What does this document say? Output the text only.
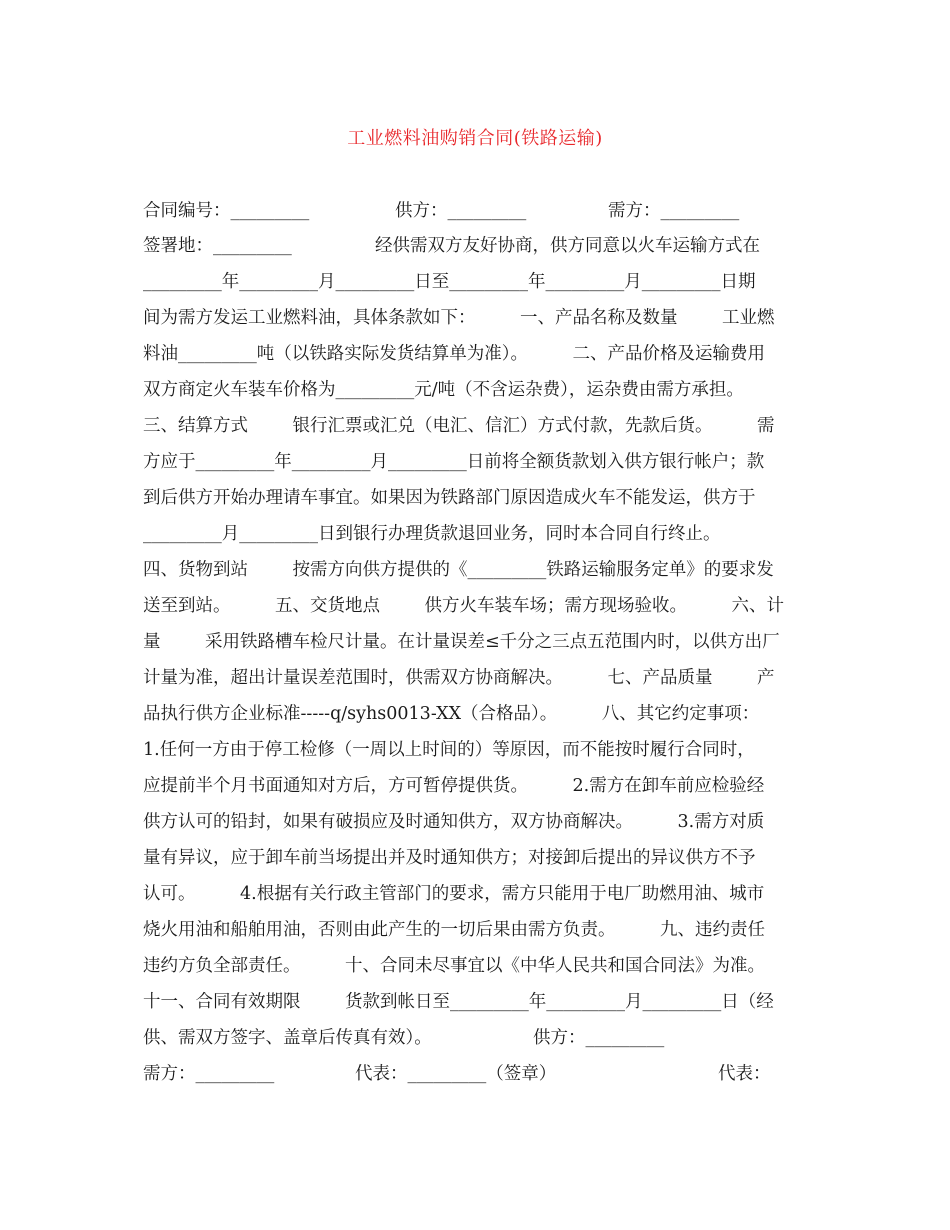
工业燃料油购销合同(铁路运输)

合同编号：_________

	供方：_________

	需方：_________

签署地：_________

	经供需双方友好协商，供方同意以火车运输方式在

_________年_________月_________日至_________年_________月_________日期
间为需方发运工业燃料油，具体条款如下：        一、产品名称及数量        工业燃
料油_________吨（以铁路实际发货结算单为准）。        二、产品价格及运输费用
双方商定火车装车价格为_________元/吨（不含运杂费），运杂费由需方承担。
三、结算方式        银行汇票或汇兑（电汇、信汇）方式付款，先款后货。        需
方应于_________年_________月_________日前将全额货款划入供方银行帐户；款
到后供方开始办理请车事宜。如果因为铁路部门原因造成火车不能发运，供方于
_________月_________日到银行办理货款退回业务，同时本合同自行终止。
四、货物到站        按需方向供方提供的《_________铁路运输服务定单》的要求发
送至到站。        五、交货地点        供方火车装车场；需方现场验收。        六、计
量        采用铁路槽车检尺计量。在计量误差≤千分之三点五范围内时，以供方出厂
计量为准，超出计量误差范围时，供需双方协商解决。        七、产品质量        产
品执行供方企业标准-----q/syhs0013-XX（合格品）。        八、其它约定事项：
1.任何一方由于停工检修（一周以上时间的）等原因，而不能按时履行合同时，
应提前半个月书面通知对方后，方可暂停提供货。        2.需方在卸车前应检验经
供方认可的铅封，如果有破损应及时通知供方，双方协商解决。        3.需方对质
量有异议，应于卸车前当场提出并及时通知供方；对接卸后提出的异议供方不予
认可。        4.根据有关行政主管部门的要求，需方只能用于电厂助燃用油、城市
烧火用油和船舶用油，否则由此产生的一切后果由需方负责。        九、违约责任
违约方负全部责任。        十、合同未尽事宜以《中华人民共和国合同法》为准。
十一、合同有效期限        货款到帐日至_________年_________月_________日（经

供、需双方签字、盖章后传真有效）。

	供方：_________

需方：_________

	代表：_________（签章）

	代表：
